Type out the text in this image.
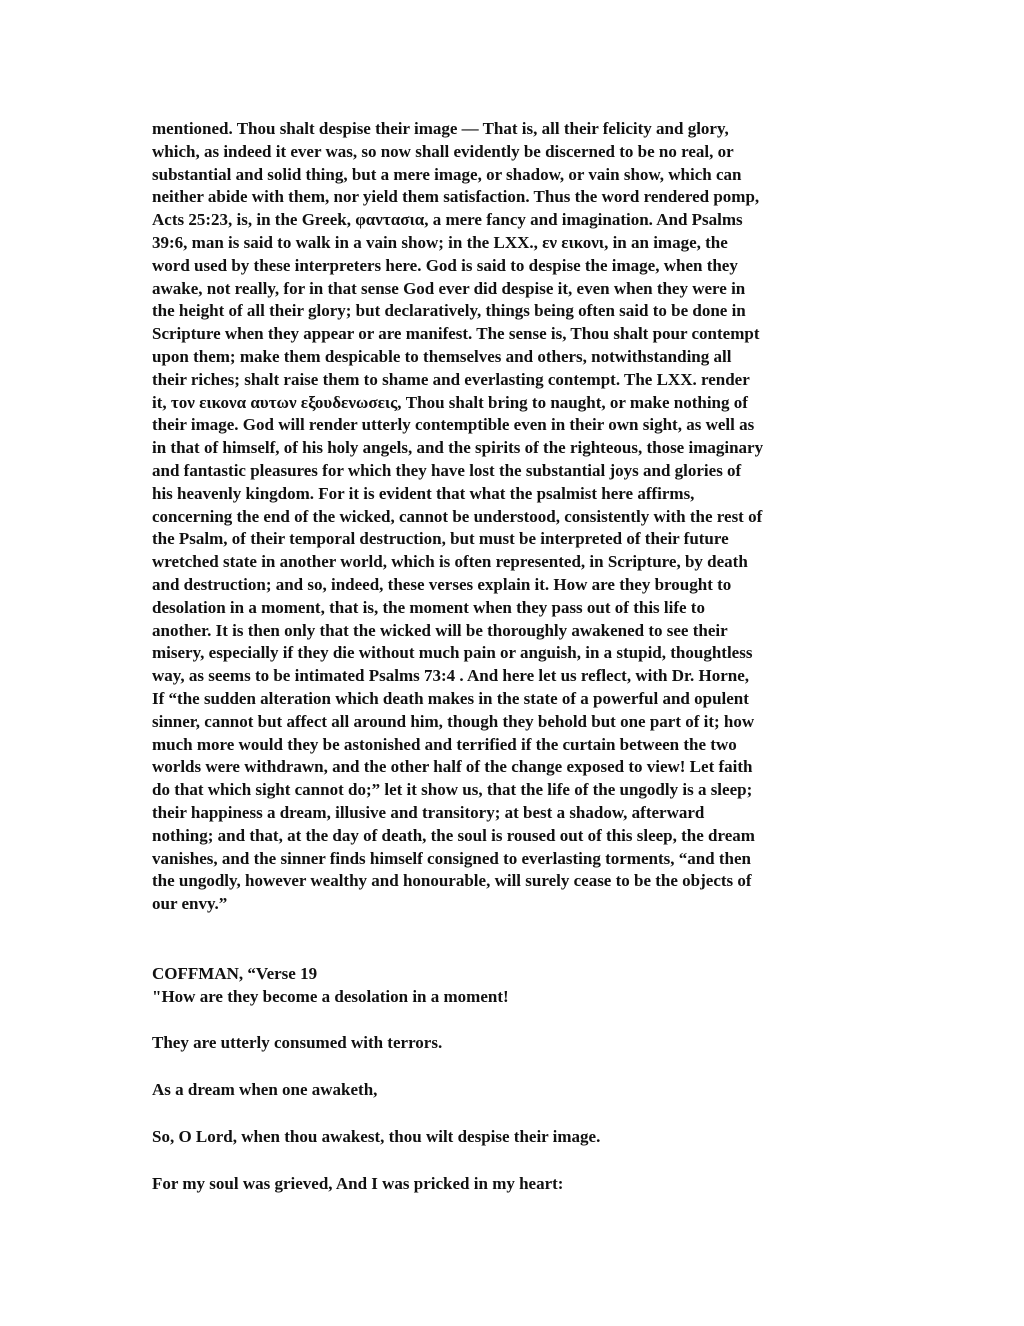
mentioned. Thou shalt despise their image — That is, all their felicity and glory,
which, as indeed it ever was, so now shall evidently be discerned to be no real, or
substantial and solid thing, but a mere image, or shadow, or vain show, which can
neither abide with them, nor yield them satisfaction. Thus the word rendered pomp,
Acts 25:23, is, in the Greek, φαντασια, a mere fancy and imagination. And Psalms
39:6, man is said to walk in a vain show; in the LXX., εν εικονι, in an image, the
word used by these interpreters here. God is said to despise the image, when they
awake, not really, for in that sense God ever did despise it, even when they were in
the height of all their glory; but declaratively, things being often said to be done in
Scripture when they appear or are manifest. The sense is, Thou shalt pour contempt
upon them; make them despicable to themselves and others, notwithstanding all
their riches; shalt raise them to shame and everlasting contempt. The LXX. render
it, τον εικονα αυτων εξουδενωσεις, Thou shalt bring to naught, or make nothing of
their image. God will render utterly contemptible even in their own sight, as well as
in that of himself, of his holy angels, and the spirits of the righteous, those imaginary
and fantastic pleasures for which they have lost the substantial joys and glories of
his heavenly kingdom. For it is evident that what the psalmist here affirms,
concerning the end of the wicked, cannot be understood, consistently with the rest of
the Psalm, of their temporal destruction, but must be interpreted of their future
wretched state in another world, which is often represented, in Scripture, by death
and destruction; and so, indeed, these verses explain it. How are they brought to
desolation in a moment, that is, the moment when they pass out of this life to
another. It is then only that the wicked will be thoroughly awakened to see their
misery, especially if they die without much pain or anguish, in a stupid, thoughtless
way, as seems to be intimated Psalms 73:4 . And here let us reflect, with Dr. Horne,
If “the sudden alteration which death makes in the state of a powerful and opulent
sinner, cannot but affect all around him, though they behold but one part of it; how
much more would they be astonished and terrified if the curtain between the two
worlds were withdrawn, and the other half of the change exposed to view! Let faith
do that which sight cannot do;” let it show us, that the life of the ungodly is a sleep;
their happiness a dream, illusive and transitory; at best a shadow, afterward
nothing; and that, at the day of death, the soul is roused out of this sleep, the dream
vanishes, and the sinner finds himself consigned to everlasting torments, “and then
the ungodly, however wealthy and honourable, will surely cease to be the objects of
our envy.”
COFFMAN, “Verse 19
"How are they become a desolation in a moment!
They are utterly consumed with terrors.
As a dream when one awaketh,
So, O Lord, when thou awakest, thou wilt despise their image.
For my soul was grieved, And I was pricked in my heart:
